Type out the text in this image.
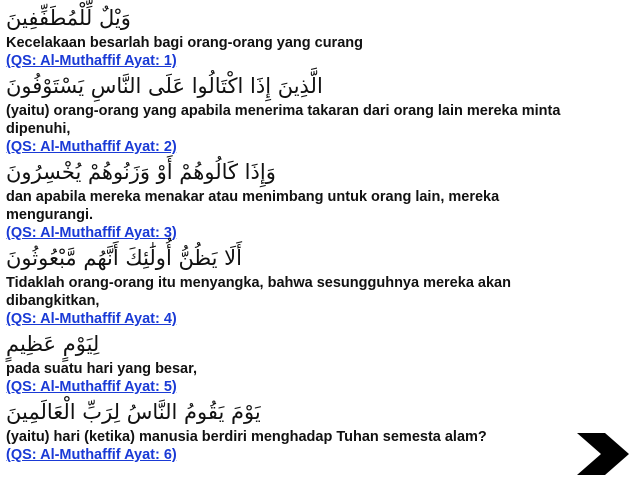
وَيْلٌ لِّلْمُطَفِّفِينَ
Kecelakaan besarlah bagi orang-orang yang curang
(QS: Al-Muthaffif Ayat: 1)
الَّذِينَ إِذَا اكْتَالُوا عَلَى النَّاسِ يَسْتَوْفُونَ
(yaitu) orang-orang yang apabila menerima takaran dari orang lain mereka minta dipenuhi,
(QS: Al-Muthaffif Ayat: 2)
وَإِذَا كَالُوهُمْ أَوْ وَزَنُوهُمْ يُخْسِرُونَ
dan apabila mereka menakar atau menimbang untuk orang lain, mereka mengurangi.
(QS: Al-Muthaffif Ayat: 3)
أَلَا يَظُنُّ أُولَٰئِكَ أَنَّهُم مَّبْعُوثُونَ
Tidaklah orang-orang itu menyangka, bahwa sesungguhnya mereka akan dibangkitkan,
(QS: Al-Muthaffif Ayat: 4)
لِيَوْمٍ عَظِيمٍ
pada suatu hari yang besar,
(QS: Al-Muthaffif Ayat: 5)
يَوْمَ يَقُومُ النَّاسُ لِرَبِّ الْعَالَمِينَ
(yaitu) hari (ketika) manusia berdiri menghadap Tuhan semesta alam?
(QS: Al-Muthaffif Ayat: 6)
